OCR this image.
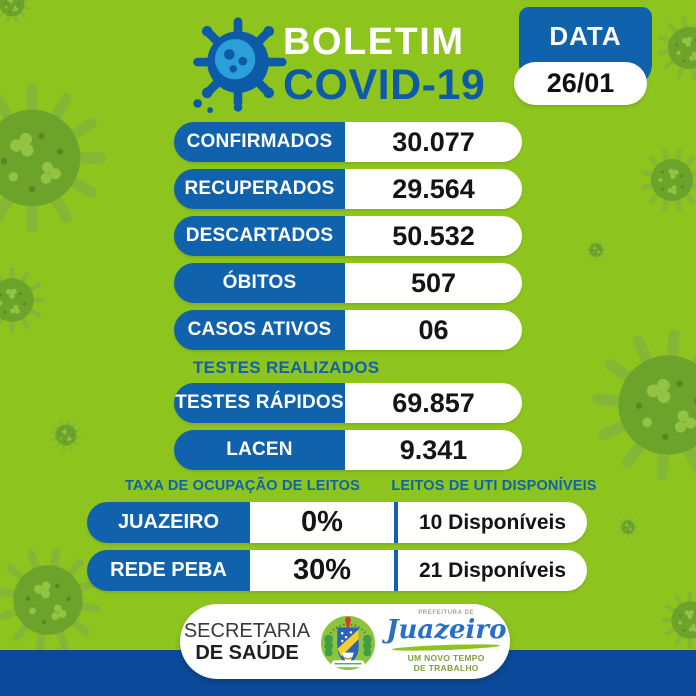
BOLETIM
COVID-19
DATA
26/01
CONFIRMADOS	30.077
RECUPERADOS	29.564
DESCARTADOS	50.532
ÓBITOS	507
CASOS ATIVOS	06
TESTES REALIZADOS
TESTES RÁPIDOS	69.857
LACEN	9.341
TAXA DE OCUPAÇÃO DE LEITOS	LEITOS DE UTI DISPONÍVEIS
JUAZEIRO	0%	10 Disponíveis
REDE PEBA	30%	21 Disponíveis
SECRETARIA
DE SAÚDE
PREFEITURA DE
Juazeiro
UM NOVO TEMPO
DE TRABALHO
